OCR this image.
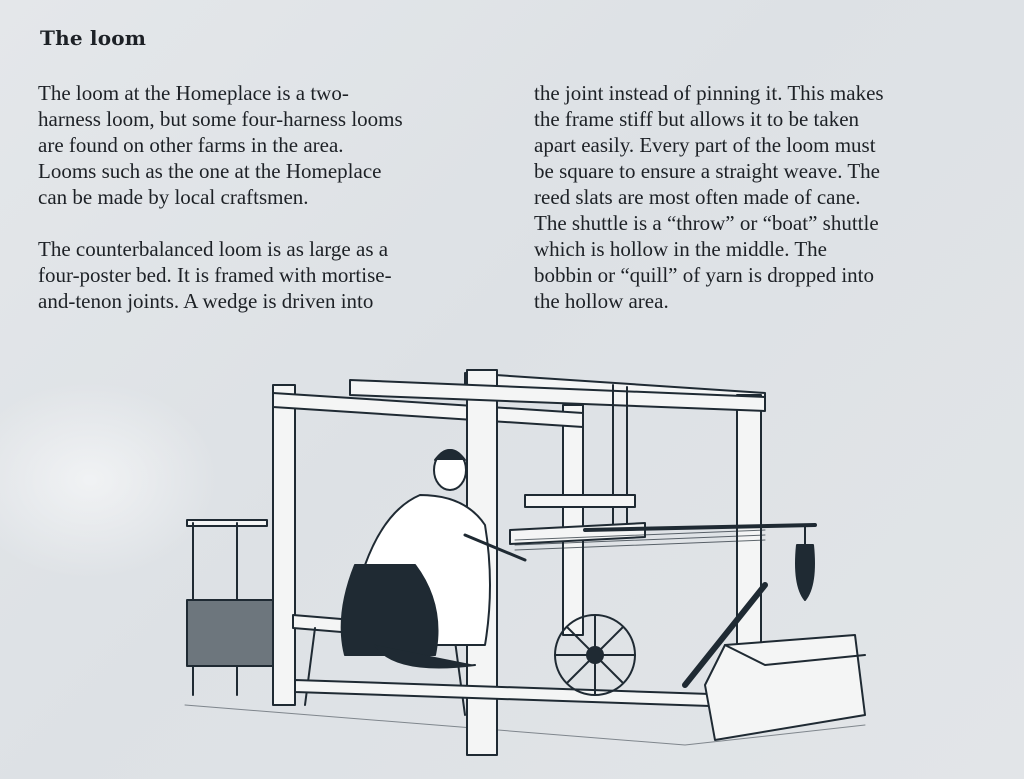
The loom

The loom at the Homeplace is a two-
harness loom, but some four-harness looms
are found on other farms in the area.
Looms such as the one at the Homeplace
can be made by local craftsmen.

The counterbalanced loom is as large as a
four-poster bed. It is framed with mortise-
and-tenon joints. A wedge is driven into

the joint instead of pinning it. This makes
the frame stiff but allows it to be taken
apart easily. Every part of the loom must
be square to ensure a straight weave. The
reed slats are most often made of cane.
The shuttle is a “throw” or “boat” shuttle
which is hollow in the middle. The
bobbin or “quill” of yarn is dropped into
the hollow area.
